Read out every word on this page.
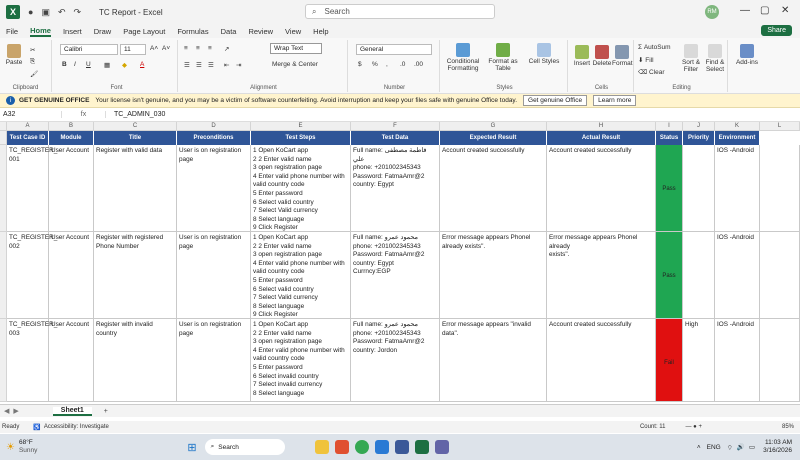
X	● ▣ ↶ ↷ TC Report - Excel	⌕ Search	RM — ▢ ✕
File Home Insert Draw Page Layout Formulas Data Review View Help	Share
Paste
✂
⎘
🖌
Clipboard
Calibri	11	A˄ A˅
B I U ▦ ◆ A
Font
≡ ≡ ≡ ↗	Wrap Text
☰ ☰ ☰ ⇤ ⇥	Merge & Center
Alignment
General
$ % , .0 .00
Number
Conditional Formatting
Format as Table
Cell Styles
Styles
Insert Delete Format
Cells
Σ AutoSum
⬇ Fill
⌫ Clear
Sort & Filter
Find & Select
Editing
Add-ins
i	GET GENUINE OFFICE Your license isn't genuine, and you may be a victim of software counterfeiting. Avoid interruption and keep your files safe with genuine Office today.	Get genuine Office	Learn more
A32	fx	TC_ADMIN_030
A	B	C	D	E	F	G	H	I	J	K	L
Test Case ID	Module	Title	Preconditions	Test Steps	Test Data	Expected Result	Actual Result	Status	Priority	Environment
TC_REGISTER_
001
User Account	Register with valid data	User is on registration
page
1 Open KoCart app
2 2 Enter valid name
3 open registration page
4 Enter valid phone number with
valid country code
5 Enter password
6 Select valid country
7 Select Valid currency
8 Select language
9 Click Register
Full name: فاطمة مصطفى علي
phone: +201002345343
Password: FatmaAmr@2
country: Egypt
Account created successfully	Account created successfully

Pass

IOS -Android
TC_REGISTER_
002
User Account	Register with registered
Phone Number
User is on registration
page
1 Open KoCart app
2 2 Enter valid name
3 open registration page
4 Enter valid phone number with
valid country code
5 Enter password
6 Select valid country
7 Select Valid currency
8 Select language
9 Click Register
Full name: محمود عمرو
phone: +201002345343
Password: FatmaAmr@2
country: Egypt
Currncy:EGP
Error message appears Phonel
already exists".
Error message appears Phonel already
exists".

Pass

IOS -Android
TC_REGISTER_
003
User Account	Register with invalid country
User is on registration
page
1 Open KoCart app
2 2 Enter valid name
3 open registration page
4 Enter valid phone number with
valid country code
5 Enter password
6 Select invalid country
7 Select invalid currency
8 Select language
Full name: محمود عمرو
phone: +201002345343
Password: FatmaAmr@2
country: Jordon
Error message appears "invalid data".
Account created successfully

Fail

High	IOS -Android
◀ ▶	Sheet1	+
Ready ♿ Accessibility: Investigate	Count: 11	— ● +	85%
☀ 68°F
Sunny	⊞ ⌕ Search	˄ ENG ⌔ 🔊 ▭
11:03 AM
3/16/2026
